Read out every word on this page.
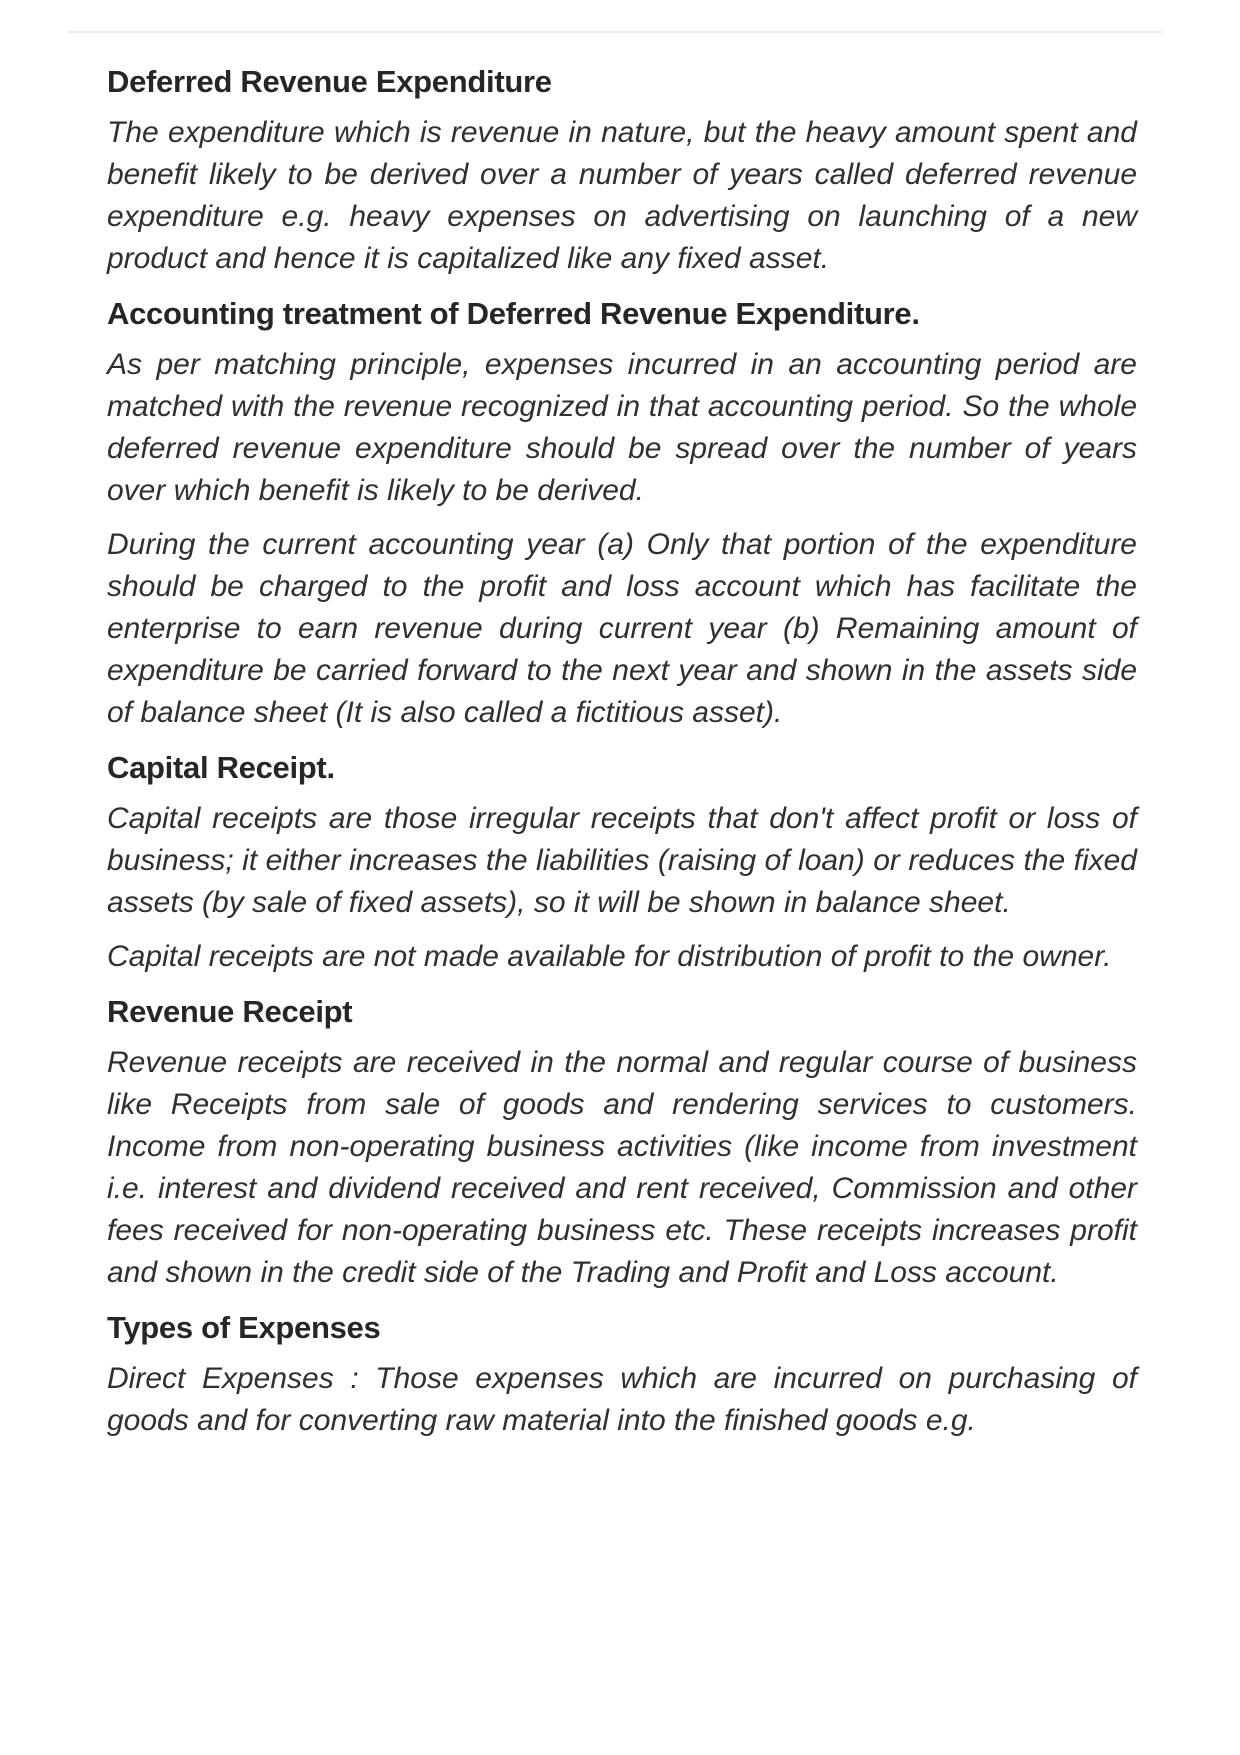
Deferred Revenue Expenditure

The expenditure which is revenue in nature, but the heavy amount spent and benefit likely to be derived over a number of years called deferred revenue expenditure e.g. heavy expenses on advertising on launching of a new product and hence it is capitalized like any fixed asset.

Accounting treatment of Deferred Revenue Expenditure.

As per matching principle, expenses incurred in an accounting period are matched with the revenue recognized in that accounting period. So the whole deferred revenue expenditure should be spread over the number of years over which benefit is likely to be derived.

During the current accounting year (a) Only that portion of the expenditure should be charged to the profit and loss account which has facilitate the enterprise to earn revenue during current year (b) Remaining amount of expenditure be carried forward to the next year and shown in the assets side of balance sheet (It is also called a fictitious asset).

Capital Receipt.

Capital receipts are those irregular receipts that don't affect profit or loss of business; it either increases the liabilities (raising of loan) or reduces the fixed assets (by sale of fixed assets), so it will be shown in balance sheet.

Capital receipts are not made available for distribution of profit to the owner.

Revenue Receipt

Revenue receipts are received in the normal and regular course of business like Receipts from sale of goods and rendering services to customers. Income from non-operating business activities (like income from investment i.e. interest and dividend received and rent received, Commission and other fees received for non-operating business etc. These receipts increases profit and shown in the credit side of the Trading and Profit and Loss account.

Types of Expenses

Direct Expenses : Those expenses which are incurred on purchasing of goods and for converting raw material into the finished goods e.g.
